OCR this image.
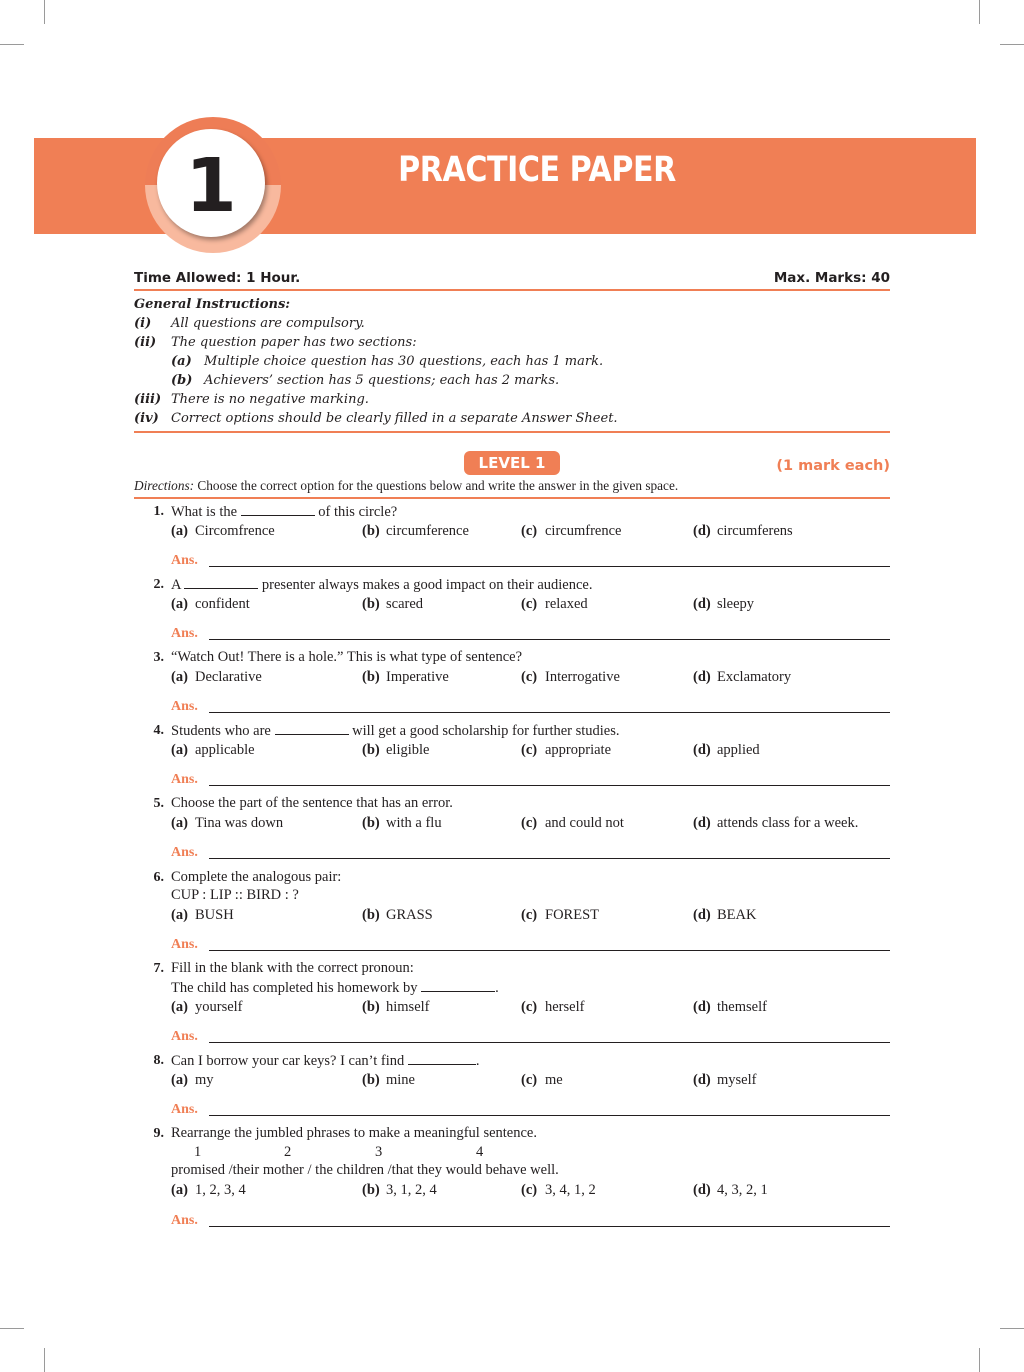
1	PRACTICE PAPER
Time Allowed: 1 Hour.	Max. Marks: 40
General Instructions:
(i) All questions are compulsory.
(ii) The question paper has two sections:
(a) Multiple choice question has 30 questions, each has 1 mark.
(b) Achievers’ section has 5 questions; each has 2 marks.
(iii) There is no negative marking.
(iv) Correct options should be clearly filled in a separate Answer Sheet.
LEVEL 1	(1 mark each)
Directions: Choose the correct option for the questions below and write the answer in the given space.
1. What is the	of this circle?
(a) Circomfrence	(b) circumference	(c) circumfrence	(d) circumferens
Ans.
2. A	presenter always makes a good impact on their audience.
(a) confident	(b) scared	(c) relaxed	(d) sleepy
Ans.
3. “Watch Out! There is a hole.” This is what type of sentence?
(a) Declarative	(b) Imperative	(c) Interrogative	(d) Exclamatory
Ans.
4. Students who are	will get a good scholarship for further studies.
(a) applicable	(b) eligible	(c) appropriate	(d) applied
Ans.
5. Choose the part of the sentence that has an error.
(a) Tina was down	(b) with a flu	(c) and could not	(d) attends class for a week.
Ans.
6. Complete the analogous pair:
CUP : LIP :: BIRD : ?
(a) BUSH	(b) GRASS	(c) FOREST	(d) BEAK
Ans.
7. Fill in the blank with the correct pronoun:
The child has completed his homework by	.
(a) yourself	(b) himself	(c) herself	(d) themself
Ans.
8. Can I borrow your car keys? I can’t find	.
(a) my	(b) mine	(c) me	(d) myself
Ans.
9. Rearrange the jumbled phrases to make a meaningful sentence.
1	2	3	4
promised /their mother / the children /that they would behave well.
(a) 1, 2, 3, 4	(b) 3, 1, 2, 4	(c) 3, 4, 1, 2	(d) 4, 3, 2, 1
Ans.
